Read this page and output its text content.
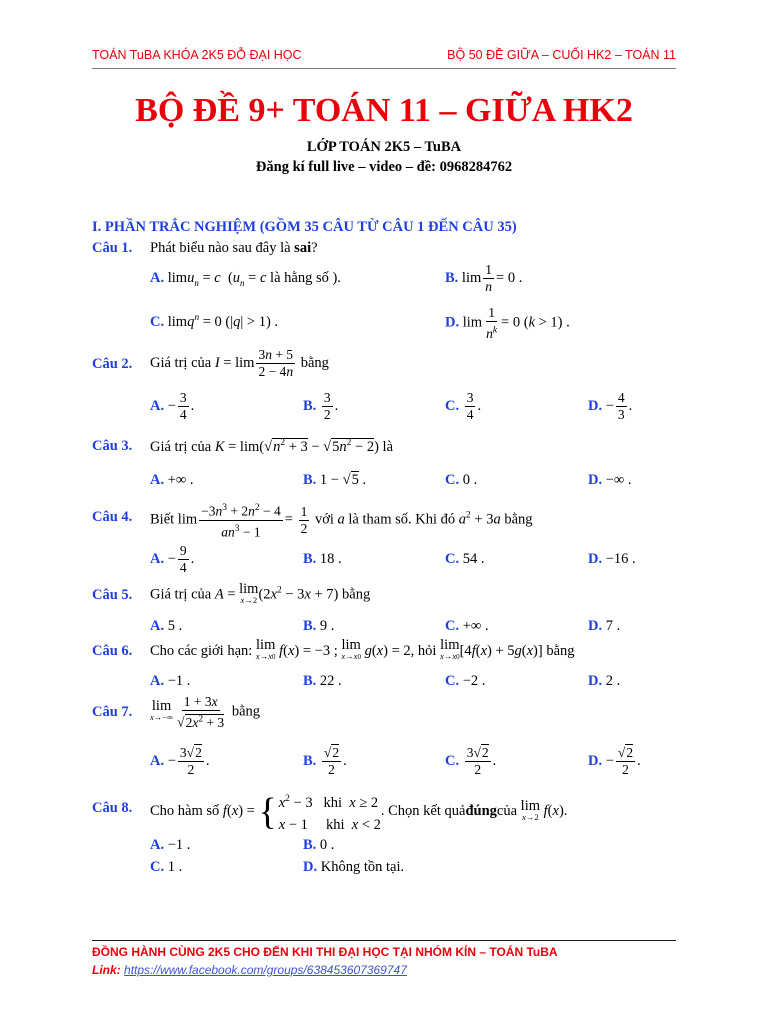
TOÁN TuBA KHÓA 2K5 ĐỖ ĐẠI HỌC	BỘ 50 ĐỀ GIỮA – CUỐI HK2 – TOÁN 11
BỘ ĐỀ 9+ TOÁN 11 – GIỮA HK2
LỚP TOÁN 2K5 – TuBA
Đăng kí full live – video – đề: 0968284762
I. PHẦN TRẮC NGHIỆM (GỒM 35 CÂU TỪ CÂU 1 ĐẾN CÂU 35)
Câu 1. Phát biểu nào sau đây là sai?
A. limu$_n$ = c  ($u_n = c$ là hằng số ).	B. $\lim \frac{1}{n} = 0$ .
C. limq$^n$ = 0 (|q| > 1) .	D. $\lim \frac{1}{n^k} = 0$ (k > 1) .
Câu 2. Giá trị của $I = \lim \frac{3n + 5}{2 - 4n}$ bằng
A. − $\frac{3}{4}$ .	B. $\frac{3}{2}$ .	C. $\frac{3}{4}$ .	D. − $\frac{4}{3}$ .
Câu 3. Giá trị của $K = \lim(√n^2 + 3 - √5n^2 - 2)$ là
A. +∞ .	B. 1 − √5 .	C. 0 .	D. −∞ .
Câu 4. Biết $\lim \frac{-3n^3 + 2n^2 - 4}{an^3 - 1} = \frac{1}{2}$ với a là tham số. Khi đó $a^2 + 3a$ bằng
A. − $\frac{9}{4}$ .	B. 18 .	C. 54 .	D. −16 .
Câu 5. Giá trị của A = lim
x→2 $(2x^2 - 3x + 7)$ bằng
A. 5 .	B. 9 .	C. +∞ .	D. 7 .
Câu 6. Cho các giới hạn: lim
x→x0 f(x) = −3 ; lim
x→x0 g(x) = 2, hỏi lim
x→x0 [4f(x) + 5g(x)] bằng
A. −1 .	B. 22 .	C. −2 .	D. 2 .
Câu 7. lim
$x\to-\infty \frac{1 + 3x}{√2x^2 + 3}$ bằng
A. − $\frac{3√2}{2}$ .	B. $\frac{√2}{2}$ .	C. $\frac{3√2}{2}$ .	D. − $\frac{√2}{2}$ .
Câu 8. Cho hàm số
f ( x ) = { $x^2 - 3$   khi x ≥ 2
x − 1     khi x < 2
. Chọn kết quả đúng của
lim
x→2
f ( x ).
A. −1 .	B. 0 .
C. 1 .	D. Không tồn tại.
ĐỒNG HÀNH CÙNG 2K5 CHO ĐẾN KHI THI ĐẠI HỌC TẠI NHÓM KÍN – TOÁN TuBA
Link: https://www.facebook.com/groups/638453607369747
